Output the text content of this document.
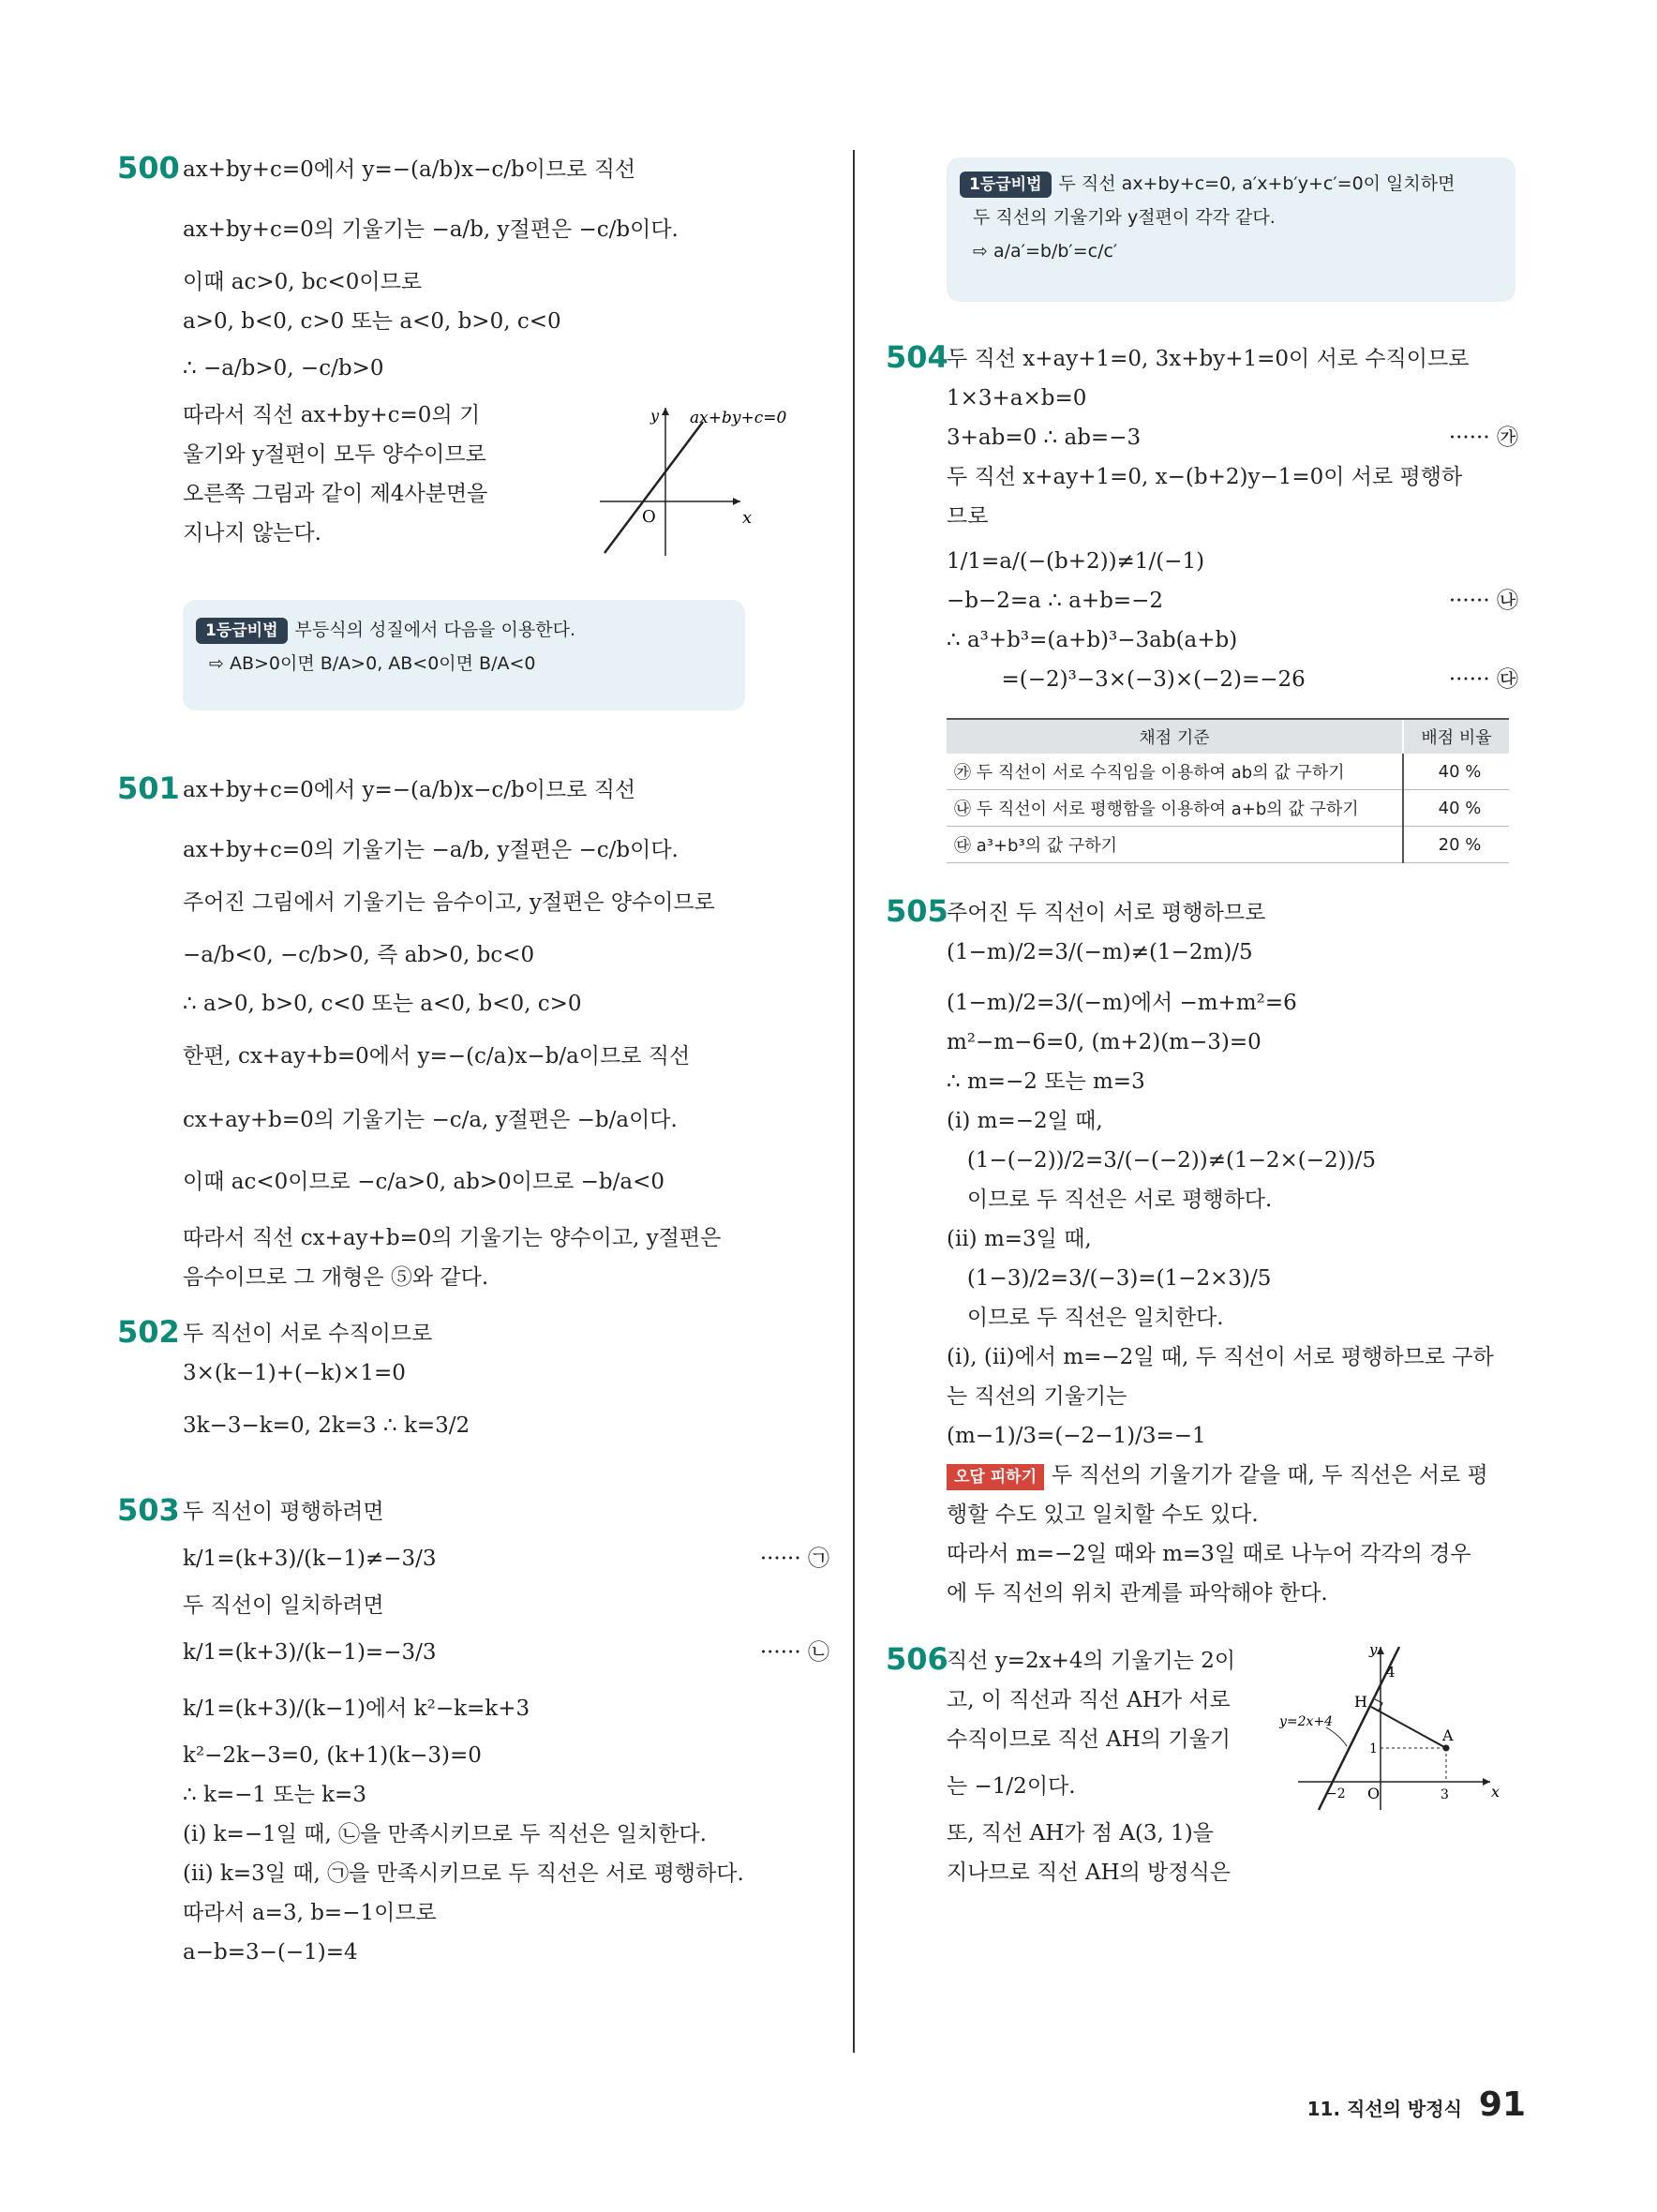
500 ax+by+c=0에서 y=−(a/b)x−c/b이므로 직선
ax+by+c=0의 기울기는 −a/b, y절편은 −c/b이다.
이때 ac>0, bc<0이므로
a>0, b<0, c>0 또는 a<0, b>0, c<0
∴ −a/b>0, −c/b>0
따라서 직선 ax+by+c=0의 기
울기와 y절편이 모두 양수이므로
오른쪽 그림과 같이 제4사분면을
지나지 않는다.
y ax+by+c=0
O	x
1등급비법 부등식의 성질에서 다음을 이용한다.
⇨ AB>0이면 B/A>0, AB<0이면 B/A<0
501 ax+by+c=0에서 y=−(a/b)x−c/b이므로 직선
ax+by+c=0의 기울기는 −a/b, y절편은 −c/b이다.
주어진 그림에서 기울기는 음수이고, y절편은 양수이므로
−a/b<0, −c/b>0, 즉 ab>0, bc<0
∴ a>0, b>0, c<0 또는 a<0, b<0, c>0
한편, cx+ay+b=0에서 y=−(c/a)x−b/a이므로 직선
cx+ay+b=0의 기울기는 −c/a, y절편은 −b/a이다.
이때 ac<0이므로 −c/a>0, ab>0이므로 −b/a<0
따라서 직선 cx+ay+b=0의 기울기는 양수이고, y절편은
음수이므로 그 개형은 ⑤와 같다.
502 두 직선이 서로 수직이므로
3×(k−1)+(−k)×1=0
3k−3−k=0, 2k=3 ∴ k=3/2
503 두 직선이 평행하려면
k/1=(k+3)/(k−1)≠−3/3	······ ㉠
두 직선이 일치하려면
k/1=(k+3)/(k−1)=−3/3	······ ㉡
k/1=(k+3)/(k−1)에서 k²−k=k+3
k²−2k−3=0, (k+1)(k−3)=0
∴ k=−1 또는 k=3
(i) k=−1일 때, ㉡을 만족시키므로 두 직선은 일치한다.
(ii) k=3일 때, ㉠을 만족시키므로 두 직선은 서로 평행하다.
따라서 a=3, b=−1이므로
a−b=3−(−1)=4
1등급비법 두 직선 ax+by+c=0, a′x+b′y+c′=0이 일치하면
두 직선의 기울기와 y절편이 각각 같다.
⇨ a/a′=b/b′=c/c′
504
두 직선 x+ay+1=0, 3x+by+1=0이 서로 수직이므로
1×3+a×b=0
3+ab=0 ∴ ab=−3	······ ㉮
두 직선 x+ay+1=0, x−(b+2)y−1=0이 서로 평행하
므로
1/1=a/(−(b+2))≠1/(−1)
−b−2=a ∴ a+b=−2	······ ㉯
∴ a³+b³=(a+b)³−3ab(a+b)
=(−2)³−3×(−3)×(−2)=−26	······ ㉰
채점 기준	배점 비율
㉮ 두 직선이 서로 수직임을 이용하여 ab의 값 구하기	40 %
㉯ 두 직선이 서로 평행함을 이용하여 a+b의 값 구하기	40 %
㉰ a³+b³의 값 구하기	20 %
505
주어진 두 직선이 서로 평행하므로
(1−m)/2=3/(−m)≠(1−2m)/5
(1−m)/2=3/(−m)에서 −m+m²=6
m²−m−6=0, (m+2)(m−3)=0
∴ m=−2 또는 m=3
(i) m=−2일 때,
(1−(−2))/2=3/(−(−2))≠(1−2×(−2))/5
이므로 두 직선은 서로 평행하다.
(ii) m=3일 때,
(1−3)/2=3/(−3)=(1−2×3)/5
이므로 두 직선은 일치한다.
(i), (ii)에서 m=−2일 때, 두 직선이 서로 평행하므로 구하
는 직선의 기울기는
(m−1)/3=(−2−1)/3=−1
오답 피하기 두 직선의 기울기가 같을 때, 두 직선은 서로 평
행할 수도 있고 일치할 수도 있다.
따라서 m=−2일 때와 m=3일 때로 나누어 각각의 경우
에 두 직선의 위치 관계를 파악해야 한다.
506
직선 y=2x+4의 기울기는 2이
고, 이 직선과 직선 AH가 서로
수직이므로 직선 AH의 기울기
는 −1/2이다.
또, 직선 AH가 점 A(3, 1)을
지나므로 직선 AH의 방정식은
y
4
H
y=2x+4
A
1
−2 O	3	x
11. 직선의 방정식 91
